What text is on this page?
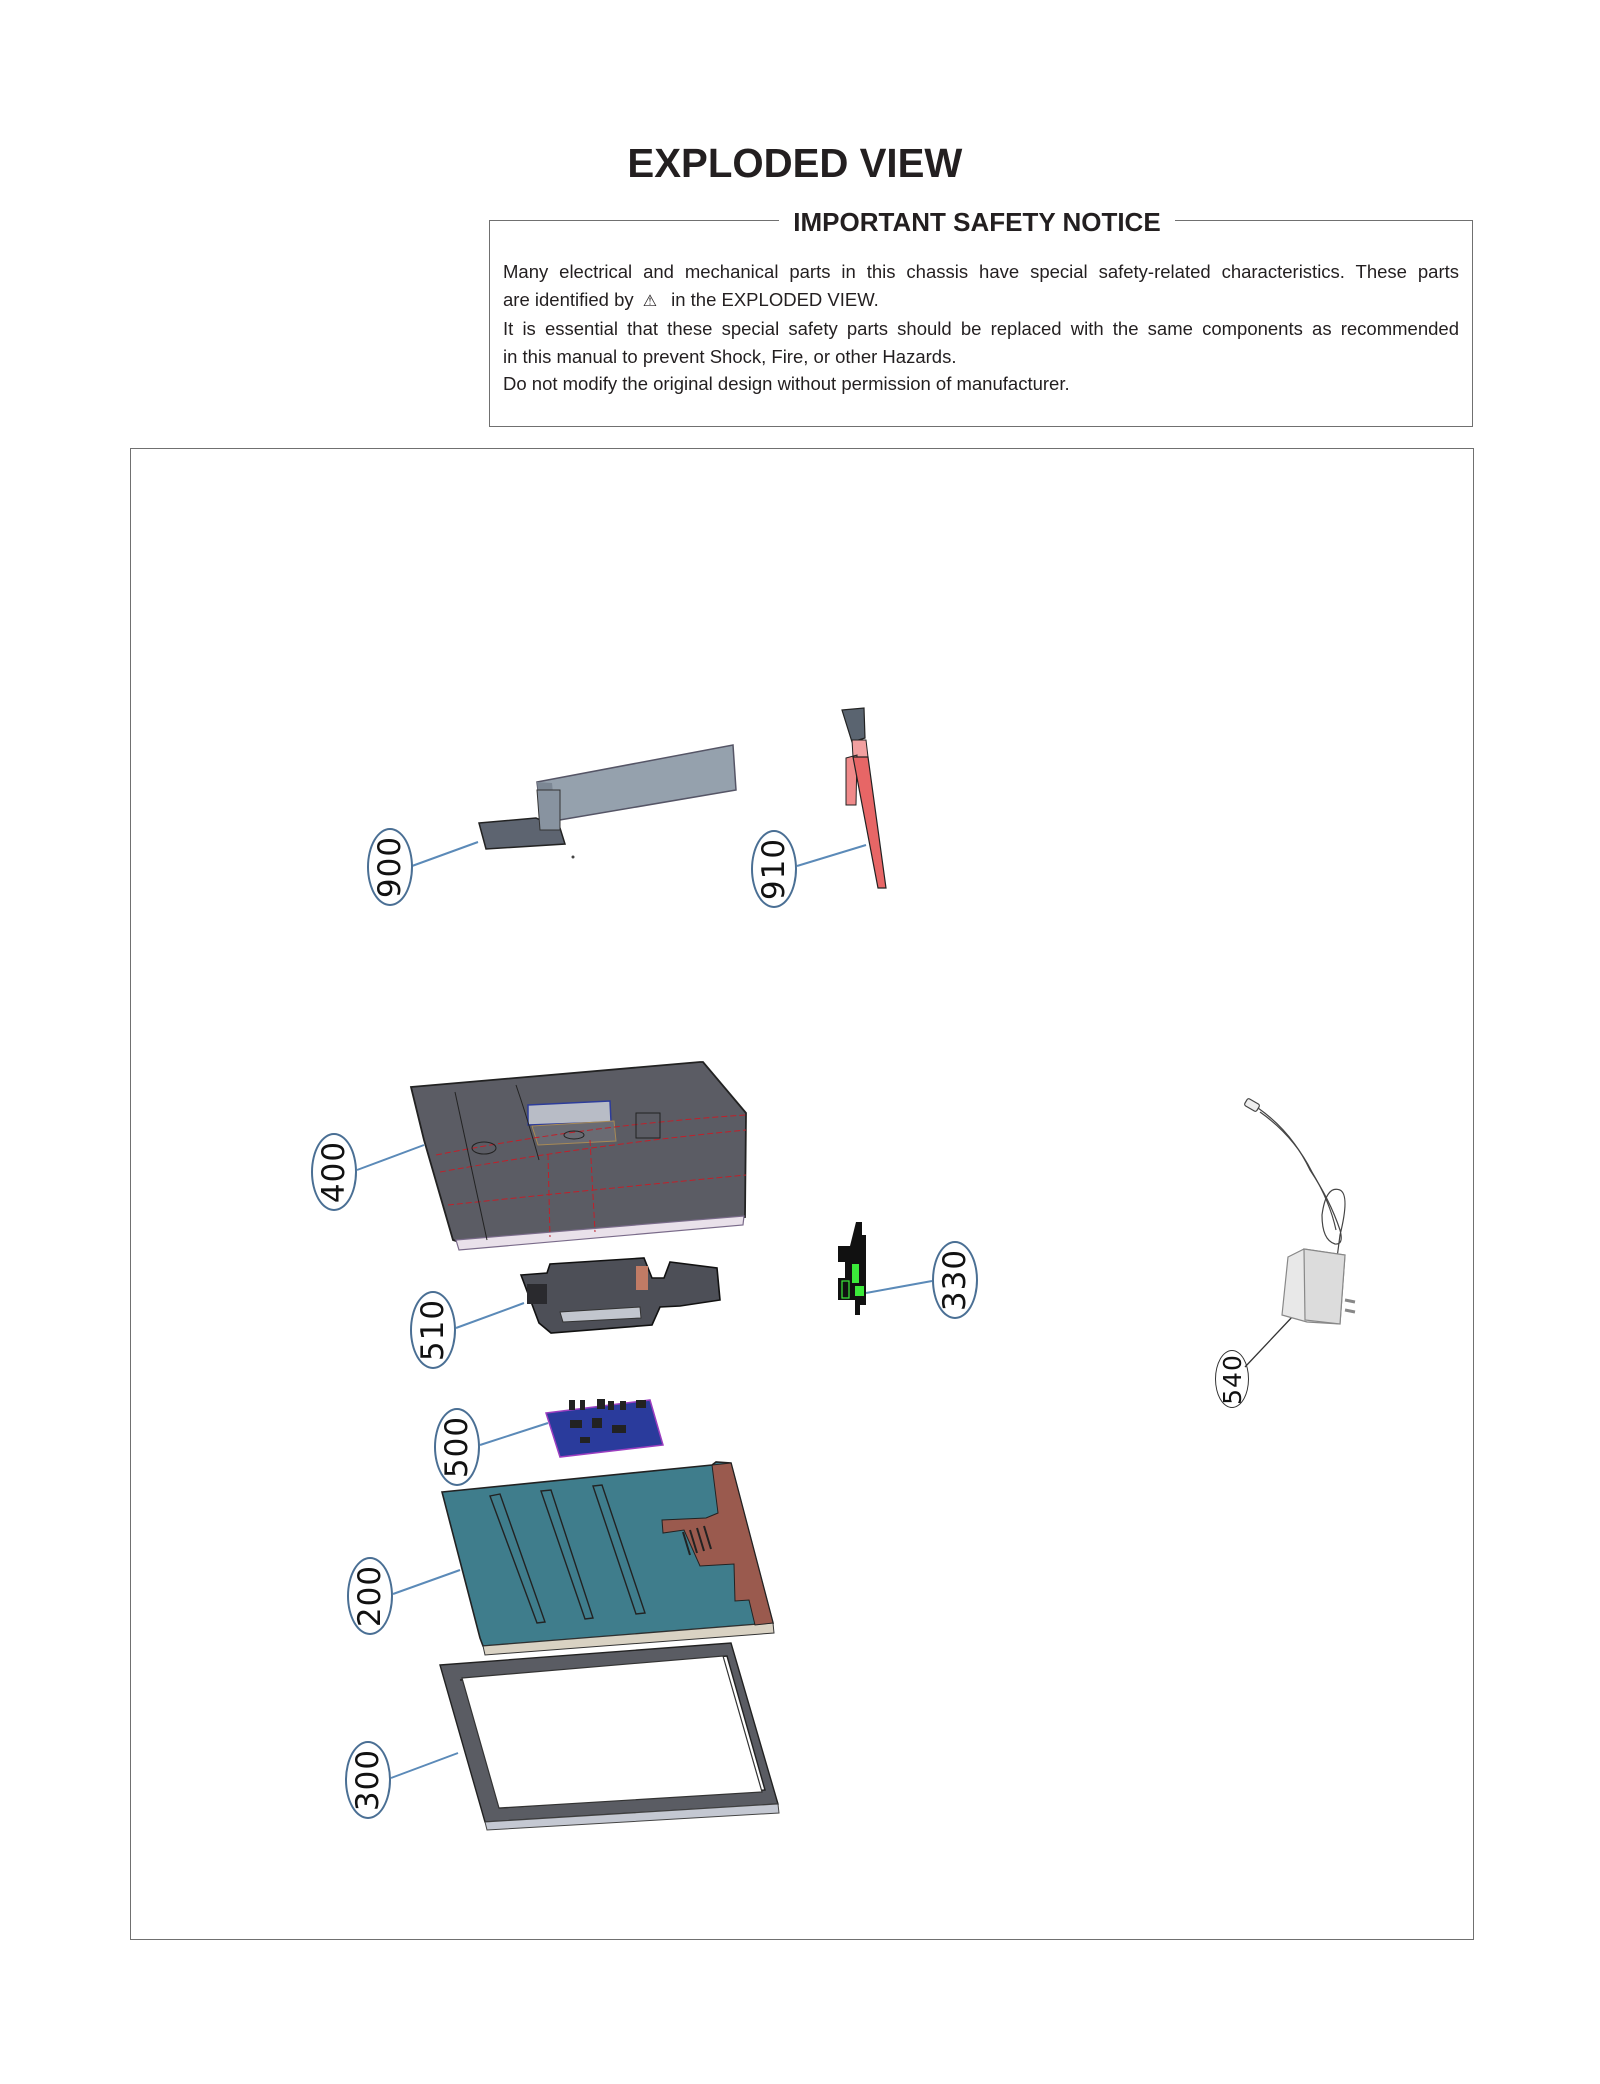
EXPLODED VIEW
IMPORTANT SAFETY NOTICE
Many electrical and mechanical parts in this chassis have special safety-related characteristics. These parts
are identified by ⚠ in the EXPLODED VIEW.
It is essential that these special safety parts should be replaced with the same components as recommended
in this manual to prevent Shock, Fire, or other Hazards.
Do not modify the original design without permission of manufacturer.
900	910
400
510
330
540
500
200
300
